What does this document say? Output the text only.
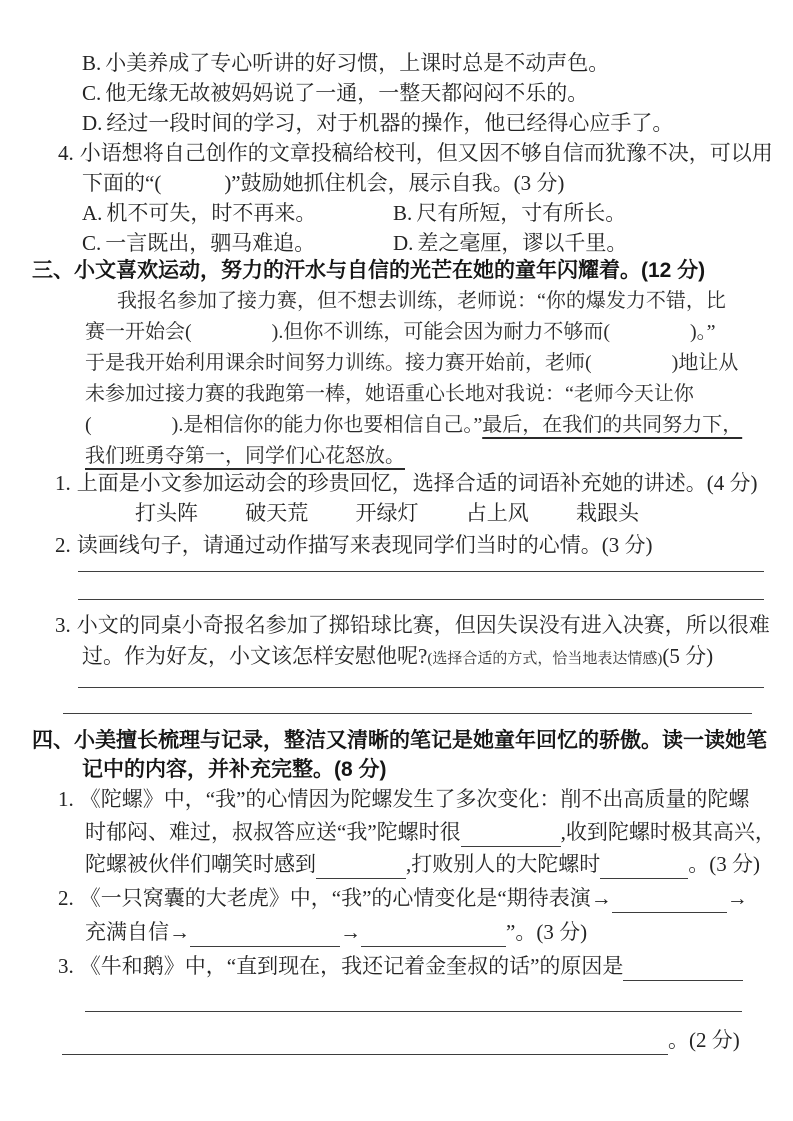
B. 小美养成了专心听讲的好习惯，上课时总是不动声色。
C. 他无缘无故被妈妈说了一通，一整天都闷闷不乐的。
D. 经过一段时间的学习，对于机器的操作，他已经得心应手了。
4. 小语想将自己创作的文章投稿给校刊，但又因不够自信而犹豫不决，可以用
下面的“(　　　)”鼓励她抓住机会，展示自我。(3 分)
A. 机不可失，时不再来。	B. 尺有所短，寸有所长。
C. 一言既出，驷马难追。	D. 差之毫厘，谬以千里。
三、小文喜欢运动，努力的汗水与自信的光芒在她的童年闪耀着。(12 分)
我报名参加了接力赛，但不想去训练，老师说：“你的爆发力不错，比
赛一开始会(　　　　).但你不训练，可能会因为耐力不够而(　　　　)。”
于是我开始利用课余时间努力训练。接力赛开始前，老师(　　　　)地让从
未参加过接力赛的我跑第一棒，她语重心长地对我说：“老师今天让你
(　　　　).是相信你的能力你也要相信自己。”最后，在我们的共同努力下，
我们班勇夺第一，同学们心花怒放。
1. 上面是小文参加运动会的珍贵回忆，选择合适的词语补充她的讲述。(4 分)
打头阵 破天荒 开绿灯 占上风 栽跟头
2. 读画线句子，请通过动作描写来表现同学们当时的心情。(3 分)
3. 小文的同桌小奇报名参加了掷铅球比赛，但因失误没有进入决赛，所以很难
过。作为好友，小文该怎样安慰他呢?(选择合适的方式，恰当地表达情感)(5 分)
四、小美擅长梳理与记录，整洁又清晰的笔记是她童年回忆的骄傲。读一读她笔
记中的内容，并补充完整。(8 分)
1. 《陀螺》中，“我”的心情因为陀螺发生了多次变化：削不出高质量的陀螺
时郁闷、难过，叔叔答应送“我”陀螺时很	,收到陀螺时极其高兴，
陀螺被伙伴们嘲笑时感到	,打败别人的大陀螺时	。(3 分)
2. 《一只窝囊的大老虎》中，“我”的心情变化是“期待表演→	→
充满自信→	→	”。(3 分)
3. 《牛和鹅》中，“直到现在，我还记着金奎叔的话”的原因是
。(2 分)
